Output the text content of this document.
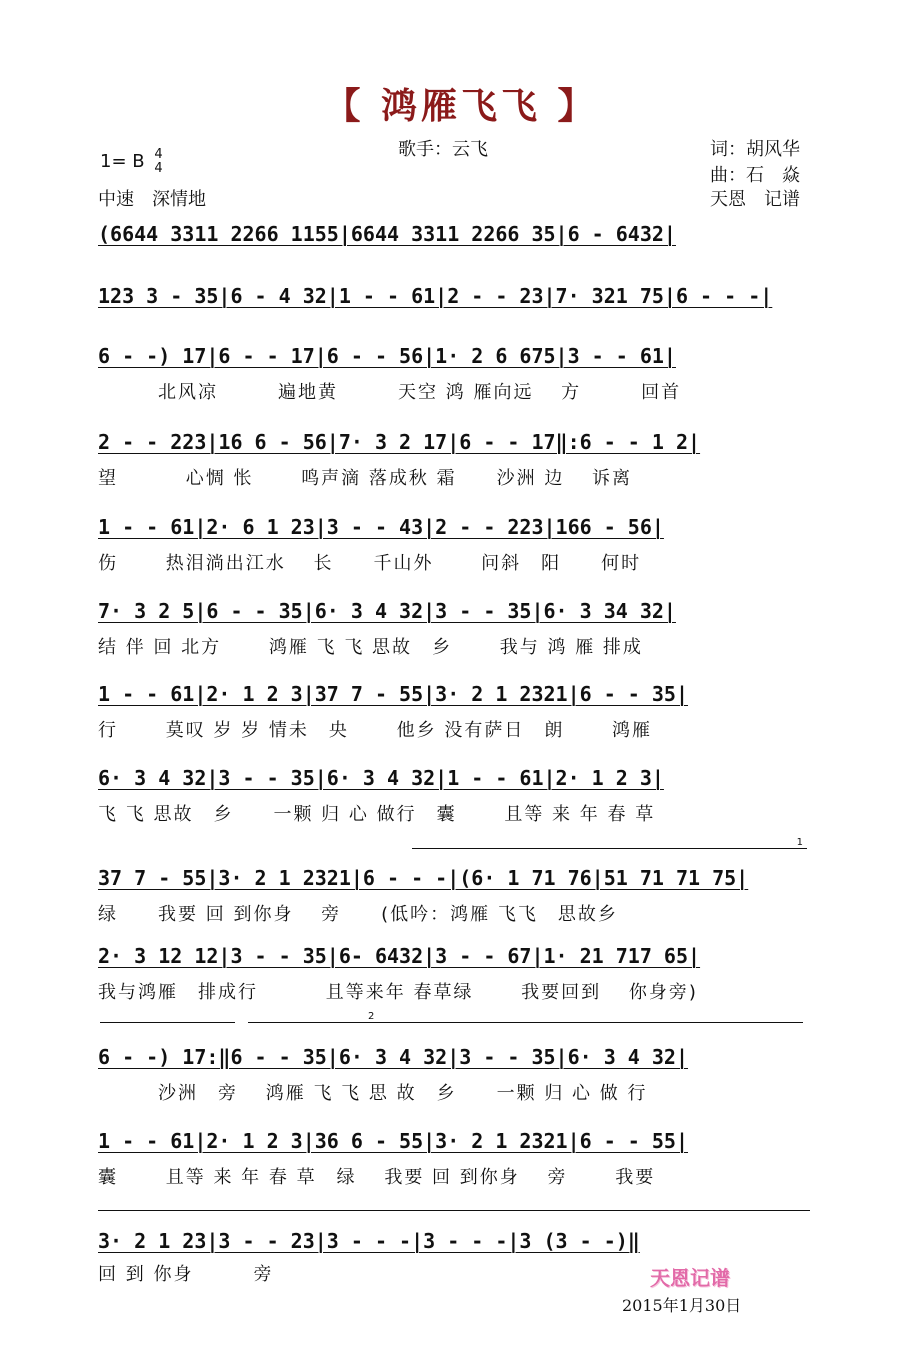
【 鸿雁飞飞 】
1= B 4
4
中速　深情地
歌手：云飞	词：胡风华
曲：石　焱
天恩　记谱
(6644 3311 2266 1155|6644 3311 2266 35|6 - 6432|
123 3 - 35|6 - 4 32|1 - - 61|2 - - 23|7· 321 75|6 - - -|
6 - -) 17|6 - - 17|6 - - 56|1· 2 6 675|3 - - 61|
　　　北风凉　　　遍地黄　　　天空 鸿 雁向远　 方　　　回首
2 - - 223|16 6 - 56|7· 3 2 17|6 - - 17‖:6 - - 1 2|
望　　　 心惆 怅　　 鸣声滴 落成秋 霜　　沙洲 边　 诉离
1 - - 61|2· 6 1 23|3 - - 43|2 - - 223|166 - 56|
伤　　 热泪淌出江水　 长　　千山外　　 问斜　阳　　何时
7· 3 2 5|6 - - 35|6· 3 4 32|3 - - 35|6· 3 34 32|
结 伴 回 北方　　 鸿雁 飞 飞 思故　乡　　 我与 鸿 雁 排成
1 - - 61|2· 1 2 3|37 7 - 55|3· 2 1 2321|6 - - 35|
行　　 莫叹 岁 岁 情未　央　　 他乡 没有萨日　朗　　 鸿雁
6· 3 4 32|3 - - 35|6· 3 4 32|1 - - 61|2· 1 2 3|
飞 飞 思故　乡　　一颗 归 心 做行　囊　　 且等 来 年 春 草
1
37 7 - 55|3· 2 1 2321|6 - - -|(6· 1 71 76|51 71 71 75|
绿　　我要 回 到你身　 旁　　(低吟：鸿雁 飞飞　思故乡
2· 3 12 12|3 - - 35|6- 6432|3 - - 67|1· 21 717 65|
我与鸿雁　排成行　　　 且等来年 春草绿　　 我要回到　 你身旁)
2
6 - -) 17:‖6 - - 35|6· 3 4 32|3 - - 35|6· 3 4 32|
　　　沙洲　旁　 鸿雁 飞 飞 思 故　乡　　一颗 归 心 做 行
1 - - 61|2· 1 2 3|36 6 - 55|3· 2 1 2321|6 - - 55|
囊　　 且等 来 年 春 草　绿　 我要 回 到你身　 旁　　 我要
3· 2 1 23|3 - - 23|3 - - -|3 - - -|3 (3 - -)‖
回 到 你身　　　旁	天恩记谱
2015年1月30日
